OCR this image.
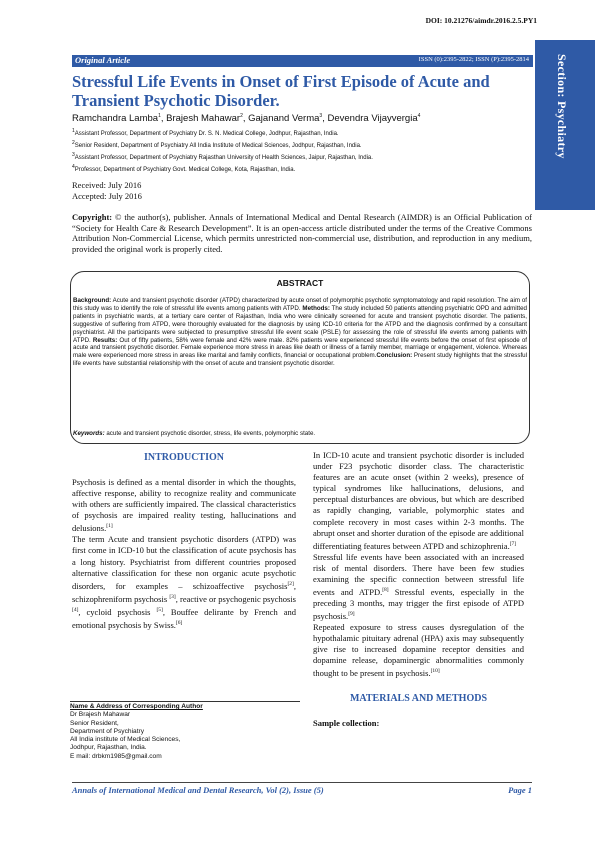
DOI: 10.21276/aimdr.2016.2.5.PY1
Section: Psychiatry
Original Article	ISSN (0):2395-2822; ISSN (P):2395-2814
Stressful Life Events in Onset of First Episode of Acute and Transient Psychotic Disorder.
Ramchandra Lamba$^1$, Brajesh Mahawar$^2$, Gajanand Verma$^3$, Devendra Vijayvergia$^4$
$^1$Assistant Professor, Department of Psychiatry Dr. S. N. Medical College, Jodhpur, Rajasthan, India.
$^2$Senior Resident, Department of Psychiatry All India Institute of Medical Sciences, Jodhpur, Rajasthan, India.
$^3$Assistant Professor, Department of Psychiatry Rajasthan University of Health Sciences, Jaipur, Rajasthan, India.
$^4$Professor, Department of Psychiatry Govt. Medical College, Kota, Rajasthan, India.
Received: July 2016
Accepted: July 2016
Copyright: © the author(s), publisher. Annals of International Medical and Dental Research (AIMDR) is an Official Publication of “Society for Health Care & Research Development”. It is an open-access article distributed under the terms of the Creative Commons Attribution Non-Commercial License, which permits unrestricted non-commercial use, distribution, and reproduction in any medium, provided the original work is properly cited.
ABSTRACT
Background: Acute and transient psychotic disorder (ATPD) characterized by acute onset of polymorphic psychotic symptomatology and rapid resolution. The aim of this study was to identify the role of stressful life events among patients with ATPD. Methods: The study included 50 patients attending psychiatric OPD and admitted patients in psychiatric wards, at a tertiary care center of Rajasthan, India who were clinically screened for acute and transient psychotic disorder. The patients, suggestive of suffering from ATPD, were thoroughly evaluated for the diagnosis by using ICD-10 criteria for the ATPD and the diagnosis confirmed by a consultant psychiatrist. All the participants were subjected to presumptive stressful life event scale (PSLE) for assessing the role of stressful life events among patients with ATPD. Results: Out of fifty patients, 58% were female and 42% were male. 82% patients were experienced stressful life events before the onset of first episode of acute and transient psychotic disorder. Female experience more stress in areas like death or illness of a family member, marriage or engagement, violence. Whereas male were experienced more stress in areas like marital and family conflicts, financial or occupational problem.Conclusion: Present study highlights that the stressful life events have substantial relationship with the onset of acute and transient psychotic disorder.
Keywords: acute and transient psychotic disorder, stress, life events, polymorphic state.
INTRODUCTION

Psychosis is defined as a mental disorder in which the thoughts, affective response, ability to recognize reality and communicate with others are sufficiently impaired. The classical characteristics of psychosis are impaired reality testing, hallucinations and delusions.[1]

The term Acute and transient psychotic disorders (ATPD) was first come in ICD-10 but the classification of acute psychosis has a long history. Psychiatrist from different countries proposed alternative classification for these non organic acute psychotic disorders, for examples – schizoaffective psychosis[2], schizophreniform psychosis [3], reactive or psychogenic psychosis [4], cycloid psychosis [5], Bouffee delirante by French and emotional psychosis by Swiss.[6]

Name & Address of Corresponding Author
Dr Brajesh Mahawar
Senior Resident,
Department of Psychiatry
All India institute of Medical Sciences,
Jodhpur, Rajasthan, India.
E mail: drbkm1985@gmail.com

In ICD-10 acute and transient psychotic disorder is included under F23 psychotic disorder class. The characteristic features are an acute onset (within 2 weeks), presence of typical syndromes like hallucinations, delusions, and perceptual disturbances are obvious, but which are described as rapidly changing, variable, polymorphic states and complete recovery in most cases within 2-3 months. The abrupt onset and shorter duration of the episode are additional differentiating features between ATPD and schizophrenia.[7]

Stressful life events have been associated with an increased risk of mental disorders. There have been few studies examining the specific connection between stressful life events and ATPD.[8] Stressful events, especially in the preceding 3 months, may trigger the first episode of ATPD psychosis.[9]

Repeated exposure to stress causes dysregulation of the hypothalamic pituitary adrenal (HPA) axis may subsequently give rise to increased dopamine receptor densities and dopamine release, dopaminergic abnormalities commonly thought to be present in psychosis.[10]

MATERIALS AND METHODS
Sample collection:
Annals of International Medical and Dental Research, Vol (2), Issue (5)	Page 1
